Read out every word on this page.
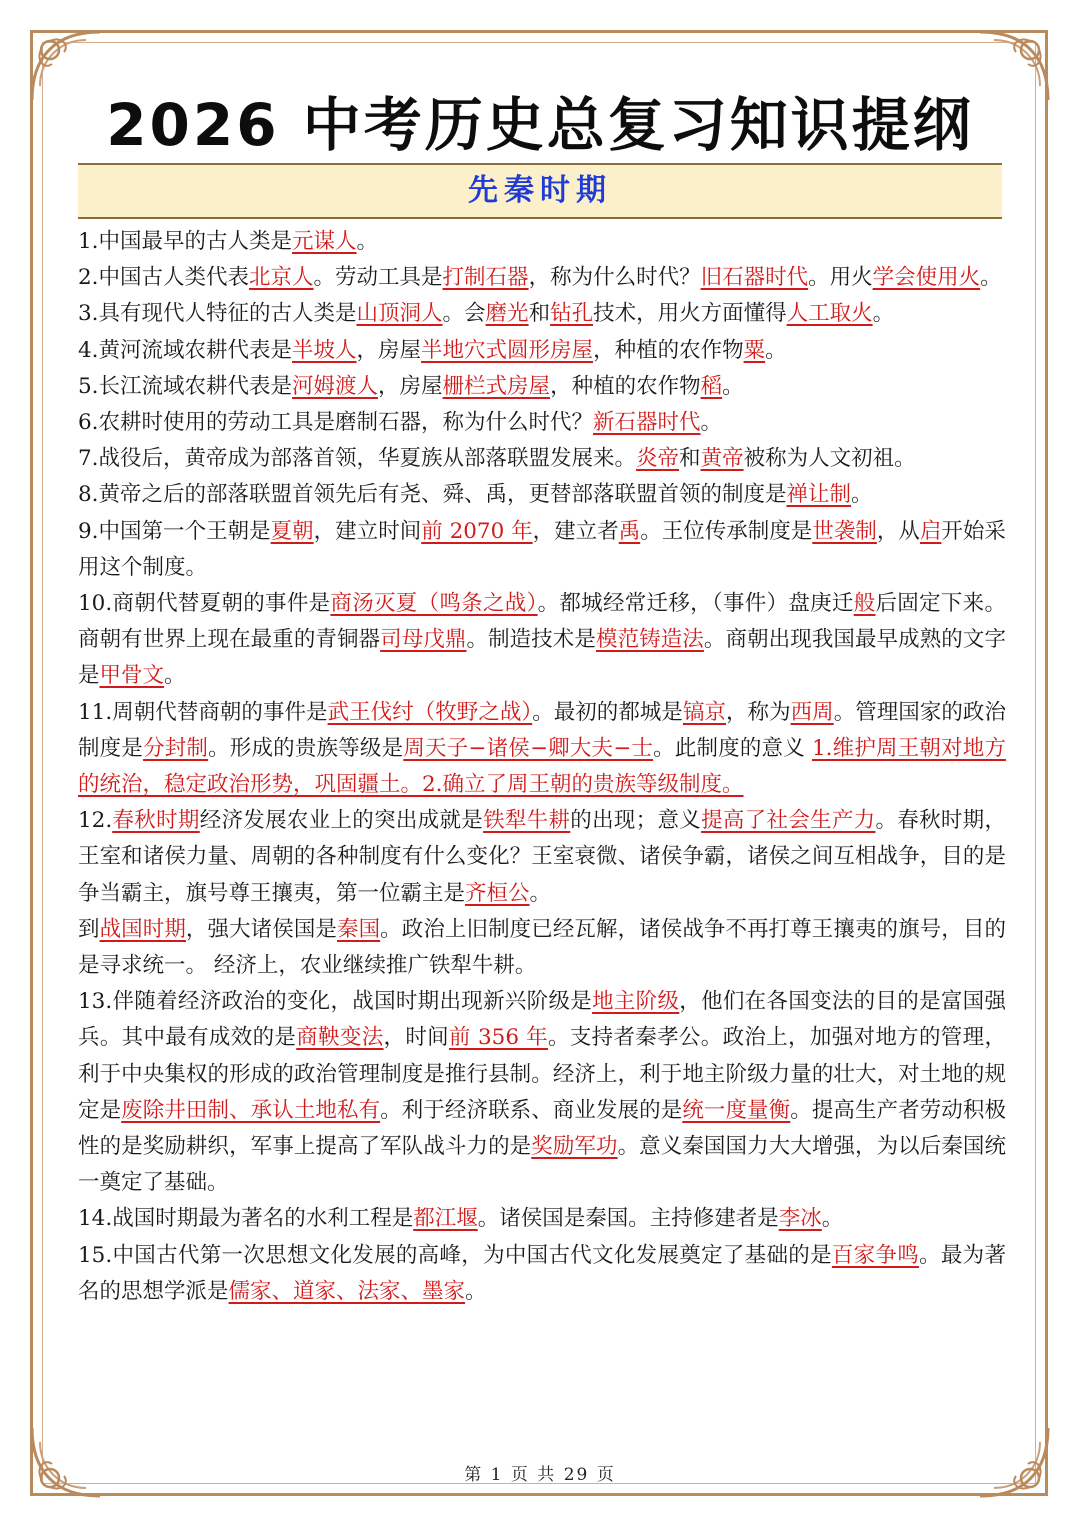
2026 中考历史总复习知识提纲
先秦时期

1.中国最早的古人类是元谋人。

2.中国古人类代表北京人。劳动工具是打制石器，称为什么时代？旧石器时代。用火学会使用火。

3.具有现代人特征的古人类是山顶洞人。会磨光和钻孔技术，用火方面懂得人工取火。

4.黄河流域农耕代表是半坡人，房屋半地穴式圆形房屋，种植的农作物粟。

5.长江流域农耕代表是河姆渡人，房屋栅栏式房屋，种植的农作物稻。

6.农耕时使用的劳动工具是磨制石器，称为什么时代？新石器时代。

7.战役后，黄帝成为部落首领，华夏族从部落联盟发展来。炎帝和黄帝被称为人文初祖。

8.黄帝之后的部落联盟首领先后有尧、舜、禹，更替部落联盟首领的制度是禅让制。

9.中国第一个王朝是夏朝，建立时间前 2070 年，建立者禹。王位传承制度是世袭制，从启开始采用这个制度。

10.商朝代替夏朝的事件是商汤灭夏（鸣条之战）。都城经常迁移，（事件）盘庚迁般后固定下来。商朝有世界上现在最重的青铜器司母戊鼎。制造技术是模范铸造法。商朝出现我国最早成熟的文字是甲骨文。

11.周朝代替商朝的事件是武王伐纣（牧野之战）。最初的都城是镐京，称为西周。管理国家的政治制度是分封制。形成的贵族等级是周天子−诸侯−卿大夫−士。此制度的意义 1.维护周王朝对地方的统治，稳定政治形势，巩固疆土。2.确立了周王朝的贵族等级制度。

12.春秋时期经济发展农业上的突出成就是铁犁牛耕的出现；意义提高了社会生产力。春秋时期，王室和诸侯力量、周朝的各种制度有什么变化？王室衰微、诸侯争霸，诸侯之间互相战争，目的是争当霸主，旗号尊王攘夷，第一位霸主是齐桓公。

到战国时期，强大诸侯国是秦国。政治上旧制度已经瓦解，诸侯战争不再打尊王攘夷的旗号，目的是寻求统一。 经济上，农业继续推广铁犁牛耕。

13.伴随着经济政治的变化，战国时期出现新兴阶级是地主阶级，他们在各国变法的目的是富国强兵。其中最有成效的是商鞅变法，时间前 356 年。支持者秦孝公。政治上，加强对地方的管理，利于中央集权的形成的政治管理制度是推行县制。经济上，利于地主阶级力量的壮大，对土地的规定是废除井田制、承认土地私有。利于经济联系、商业发展的是统一度量衡。提高生产者劳动积极性的是奖励耕织，军事上提高了军队战斗力的是奖励军功。意义秦国国力大大增强，为以后秦国统一奠定了基础。

14.战国时期最为著名的水利工程是都江堰。诸侯国是秦国。主持修建者是李冰。

15.中国古代第一次思想文化发展的高峰，为中国古代文化发展奠定了基础的是百家争鸣。最为著名的思想学派是儒家、道家、法家、墨家。

第 1 页 共 29 页
